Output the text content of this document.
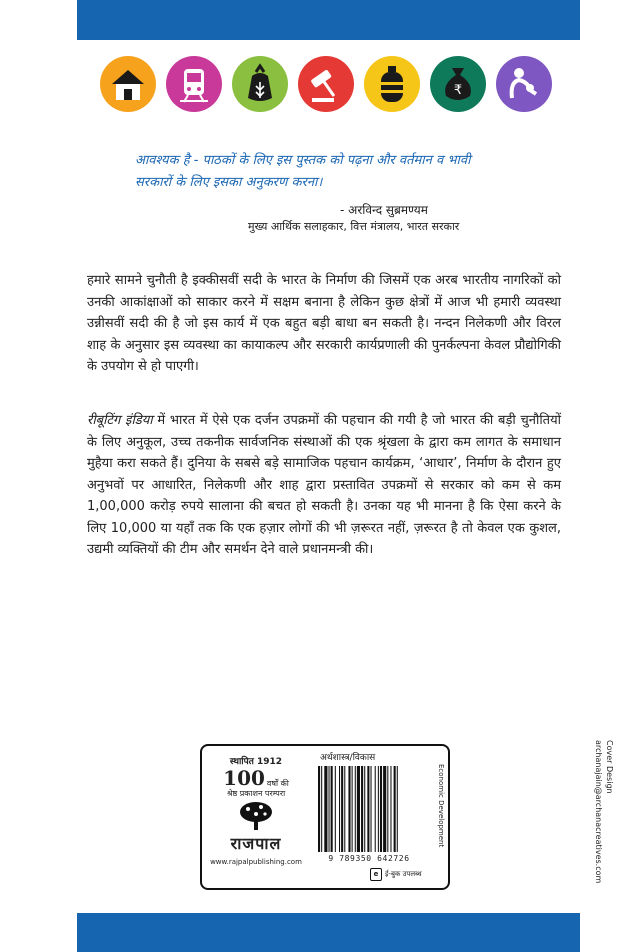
₹
आवश्यक है - पाठकों के लिए इस पुस्तक को पढ़ना और वर्तमान व भावी
सरकारों के लिए इसका अनुकरण करना।
- अरविन्द सुब्रमण्यम
मुख्य आर्थिक सलाहकार, वित्त मंत्रालय, भारत सरकार
हमारे सामने चुनौती है इक्कीसवीं सदी के भारत के निर्माण की जिसमें एक अरब भारतीय नागरिकों को उनकी आकांक्षाओं को साकार करने में सक्षम बनाना है लेकिन कुछ क्षेत्रों में आज भी हमारी व्यवस्था उन्नीसवीं सदी की है जो इस कार्य में एक बहुत बड़ी बाधा बन सकती है। नन्दन निलेकणी और विरल शाह के अनुसार इस व्यवस्था का कायाकल्प और सरकारी कार्यप्रणाली की पुनर्कल्पना केवल प्रौद्योगिकी के उपयोग से हो पाएगी।
रीबूटिंग इंडिया में भारत में ऐसे एक दर्जन उपक्रमों की पहचान की गयी है जो भारत की बड़ी चुनौतियों के लिए अनुकूल, उच्च तकनीक सार्वजनिक संस्थाओं की एक श्रृंखला के द्वारा कम लागत के समाधान मुहैया करा सकते हैं। दुनिया के सबसे बड़े सामाजिक पहचान कार्यक्रम, ‘आधार’, निर्माण के दौरान हुए अनुभवों पर आधारित, निलेकणी और शाह द्वारा प्रस्तावित उपक्रमों से सरकार को कम से कम 1,00,000 करोड़ रुपये सालाना की बचत हो सकती है। उनका यह भी मानना है कि ऐसा करने के लिए 10,000 या यहाँ तक कि एक हज़ार लोगों की भी ज़रूरत नहीं, ज़रूरत है तो केवल एक कुशल, उद्यमी व्यक्तियों की टीम और समर्थन देने वाले प्रधानमन्त्री की।
स्थापित 1912
100 वर्षों की
श्रेष्ठ प्रकाशन परम्परा
राजपाल
www.rajpalpublishing.com
अर्थशास्त्र/विकास
9 789350 642726
e ई-बुक उपलब्ध
Economic Development	Cover Design
archanajain@archanacreatives.com
